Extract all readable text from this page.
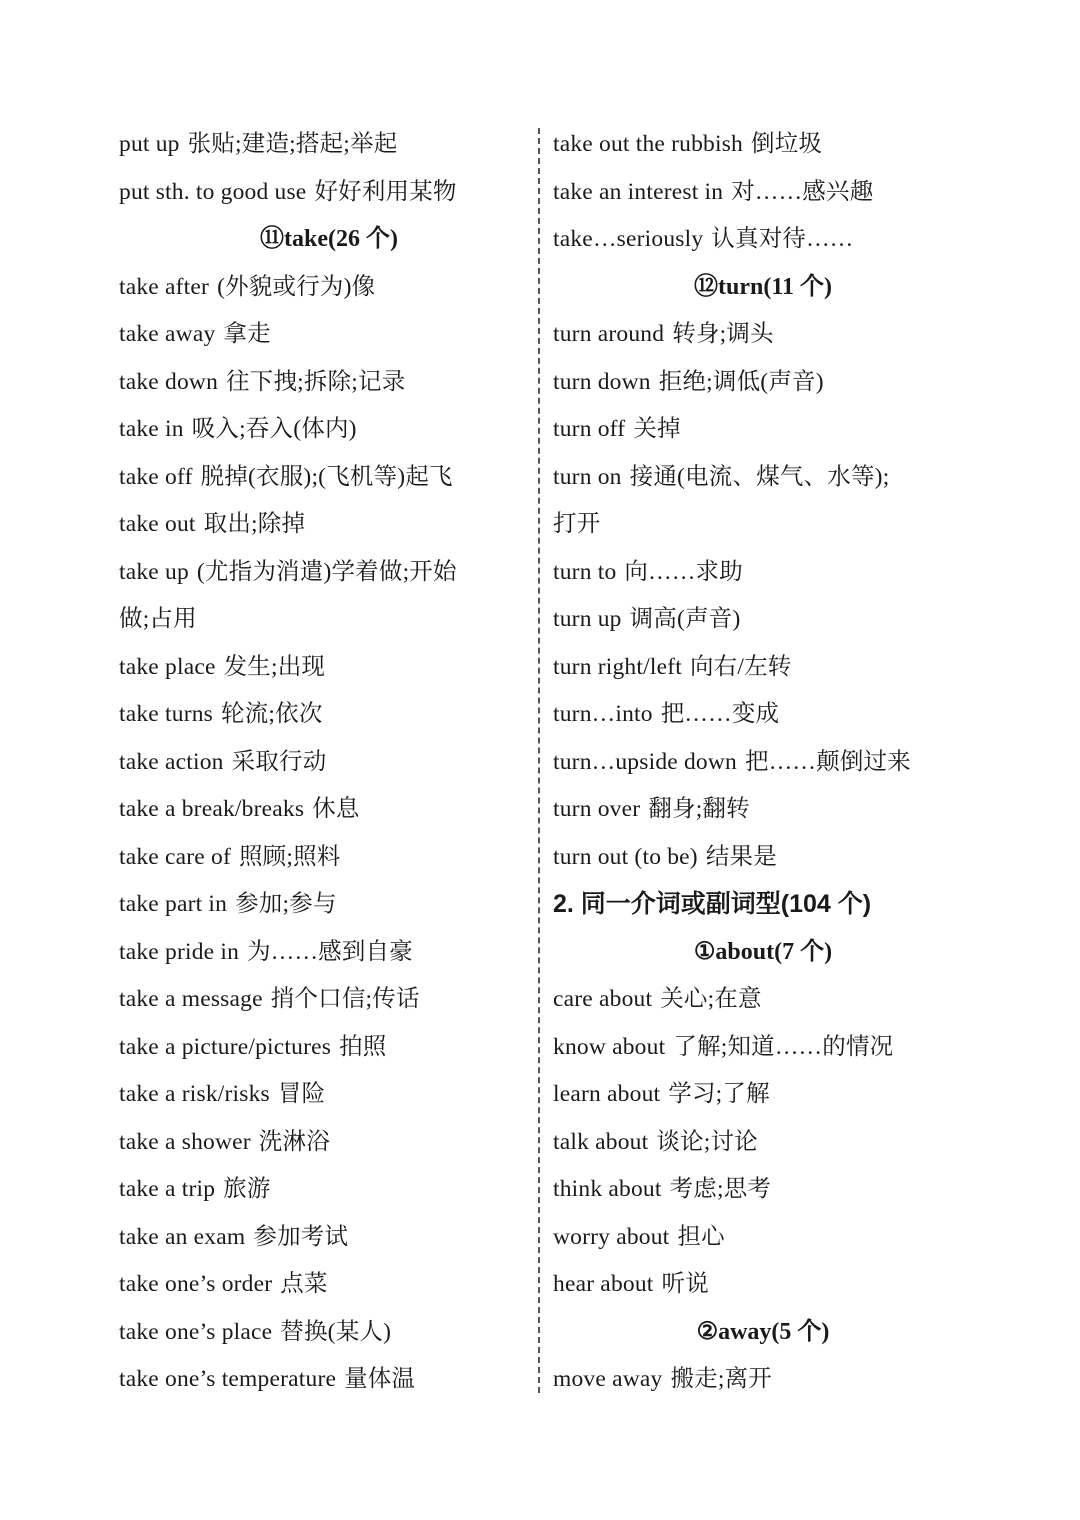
put up 张贴;建造;搭起;举起
put sth. to good use 好好利用某物
⑪take(26 个)
take after (外貌或行为)像
take away 拿走
take down 往下拽;拆除;记录
take in 吸入;吞入(体内)
take off 脱掉(衣服);(飞机等)起飞
take out 取出;除掉
take up (尤指为消遣)学着做;开始
做;占用
take place 发生;出现
take turns 轮流;依次
take action 采取行动
take a break/breaks 休息
take care of 照顾;照料
take part in 参加;参与
take pride in 为……感到自豪
take a message 捎个口信;传话
take a picture/pictures 拍照
take a risk/risks 冒险
take a shower 洗淋浴
take a trip 旅游
take an exam 参加考试
take one’s order 点菜
take one’s place 替换(某人)
take one’s temperature 量体温
take out the rubbish 倒垃圾
take an interest in 对……感兴趣
take…seriously 认真对待……
⑫turn(11 个)
turn around 转身;调头
turn down 拒绝;调低(声音)
turn off 关掉
turn on 接通(电流、煤气、水等);
打开
turn to 向……求助
turn up 调高(声音)
turn right/left 向右/左转
turn…into 把……变成
turn…upside down 把……颠倒过来
turn over 翻身;翻转
turn out (to be) 结果是
2. 同一介词或副词型(104 个)
①about(7 个)
care about 关心;在意
know about 了解;知道……的情况
learn about 学习;了解
talk about 谈论;讨论
think about 考虑;思考
worry about 担心
hear about 听说
②away(5 个)
move away 搬走;离开
